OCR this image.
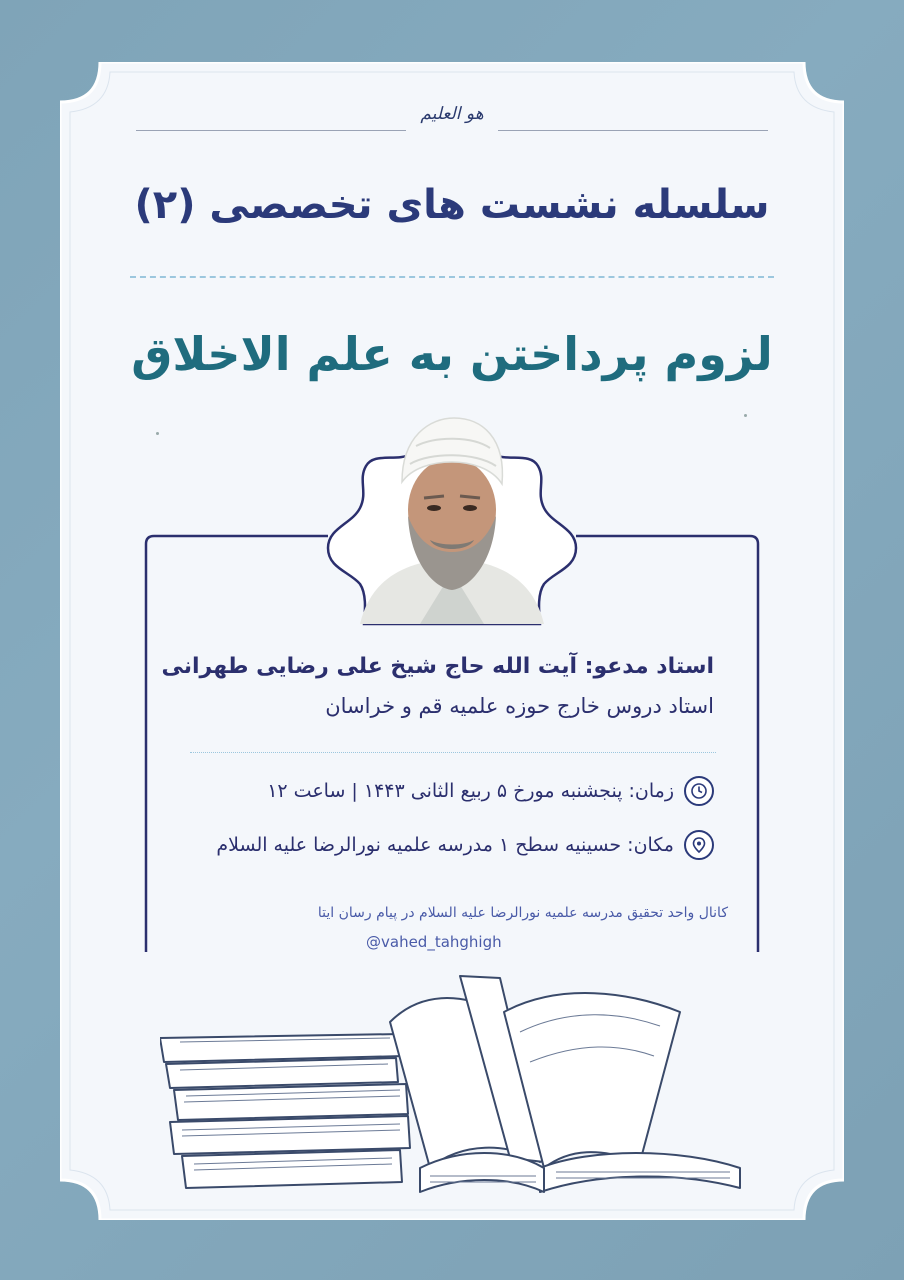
هو العلیم
سلسله نشست های تخصصی (۲)
لزوم پرداختن به علم الاخلاق
استاد مدعو: آیت الله حاج شیخ علی رضایی طهرانی
استاد دروس خارج حوزه علمیه قم و خراسان
زمان: پنجشنبه مورخ ۵ ربیع الثانی ۱۴۴۳ | ساعت ۱۲
مکان: حسینیه سطح ۱ مدرسه علمیه نورالرضا علیه السلام
کانال واحد تحقیق مدرسه علمیه نورالرضا علیه السلام در پیام رسان ایتا
@vahed_tahghigh
